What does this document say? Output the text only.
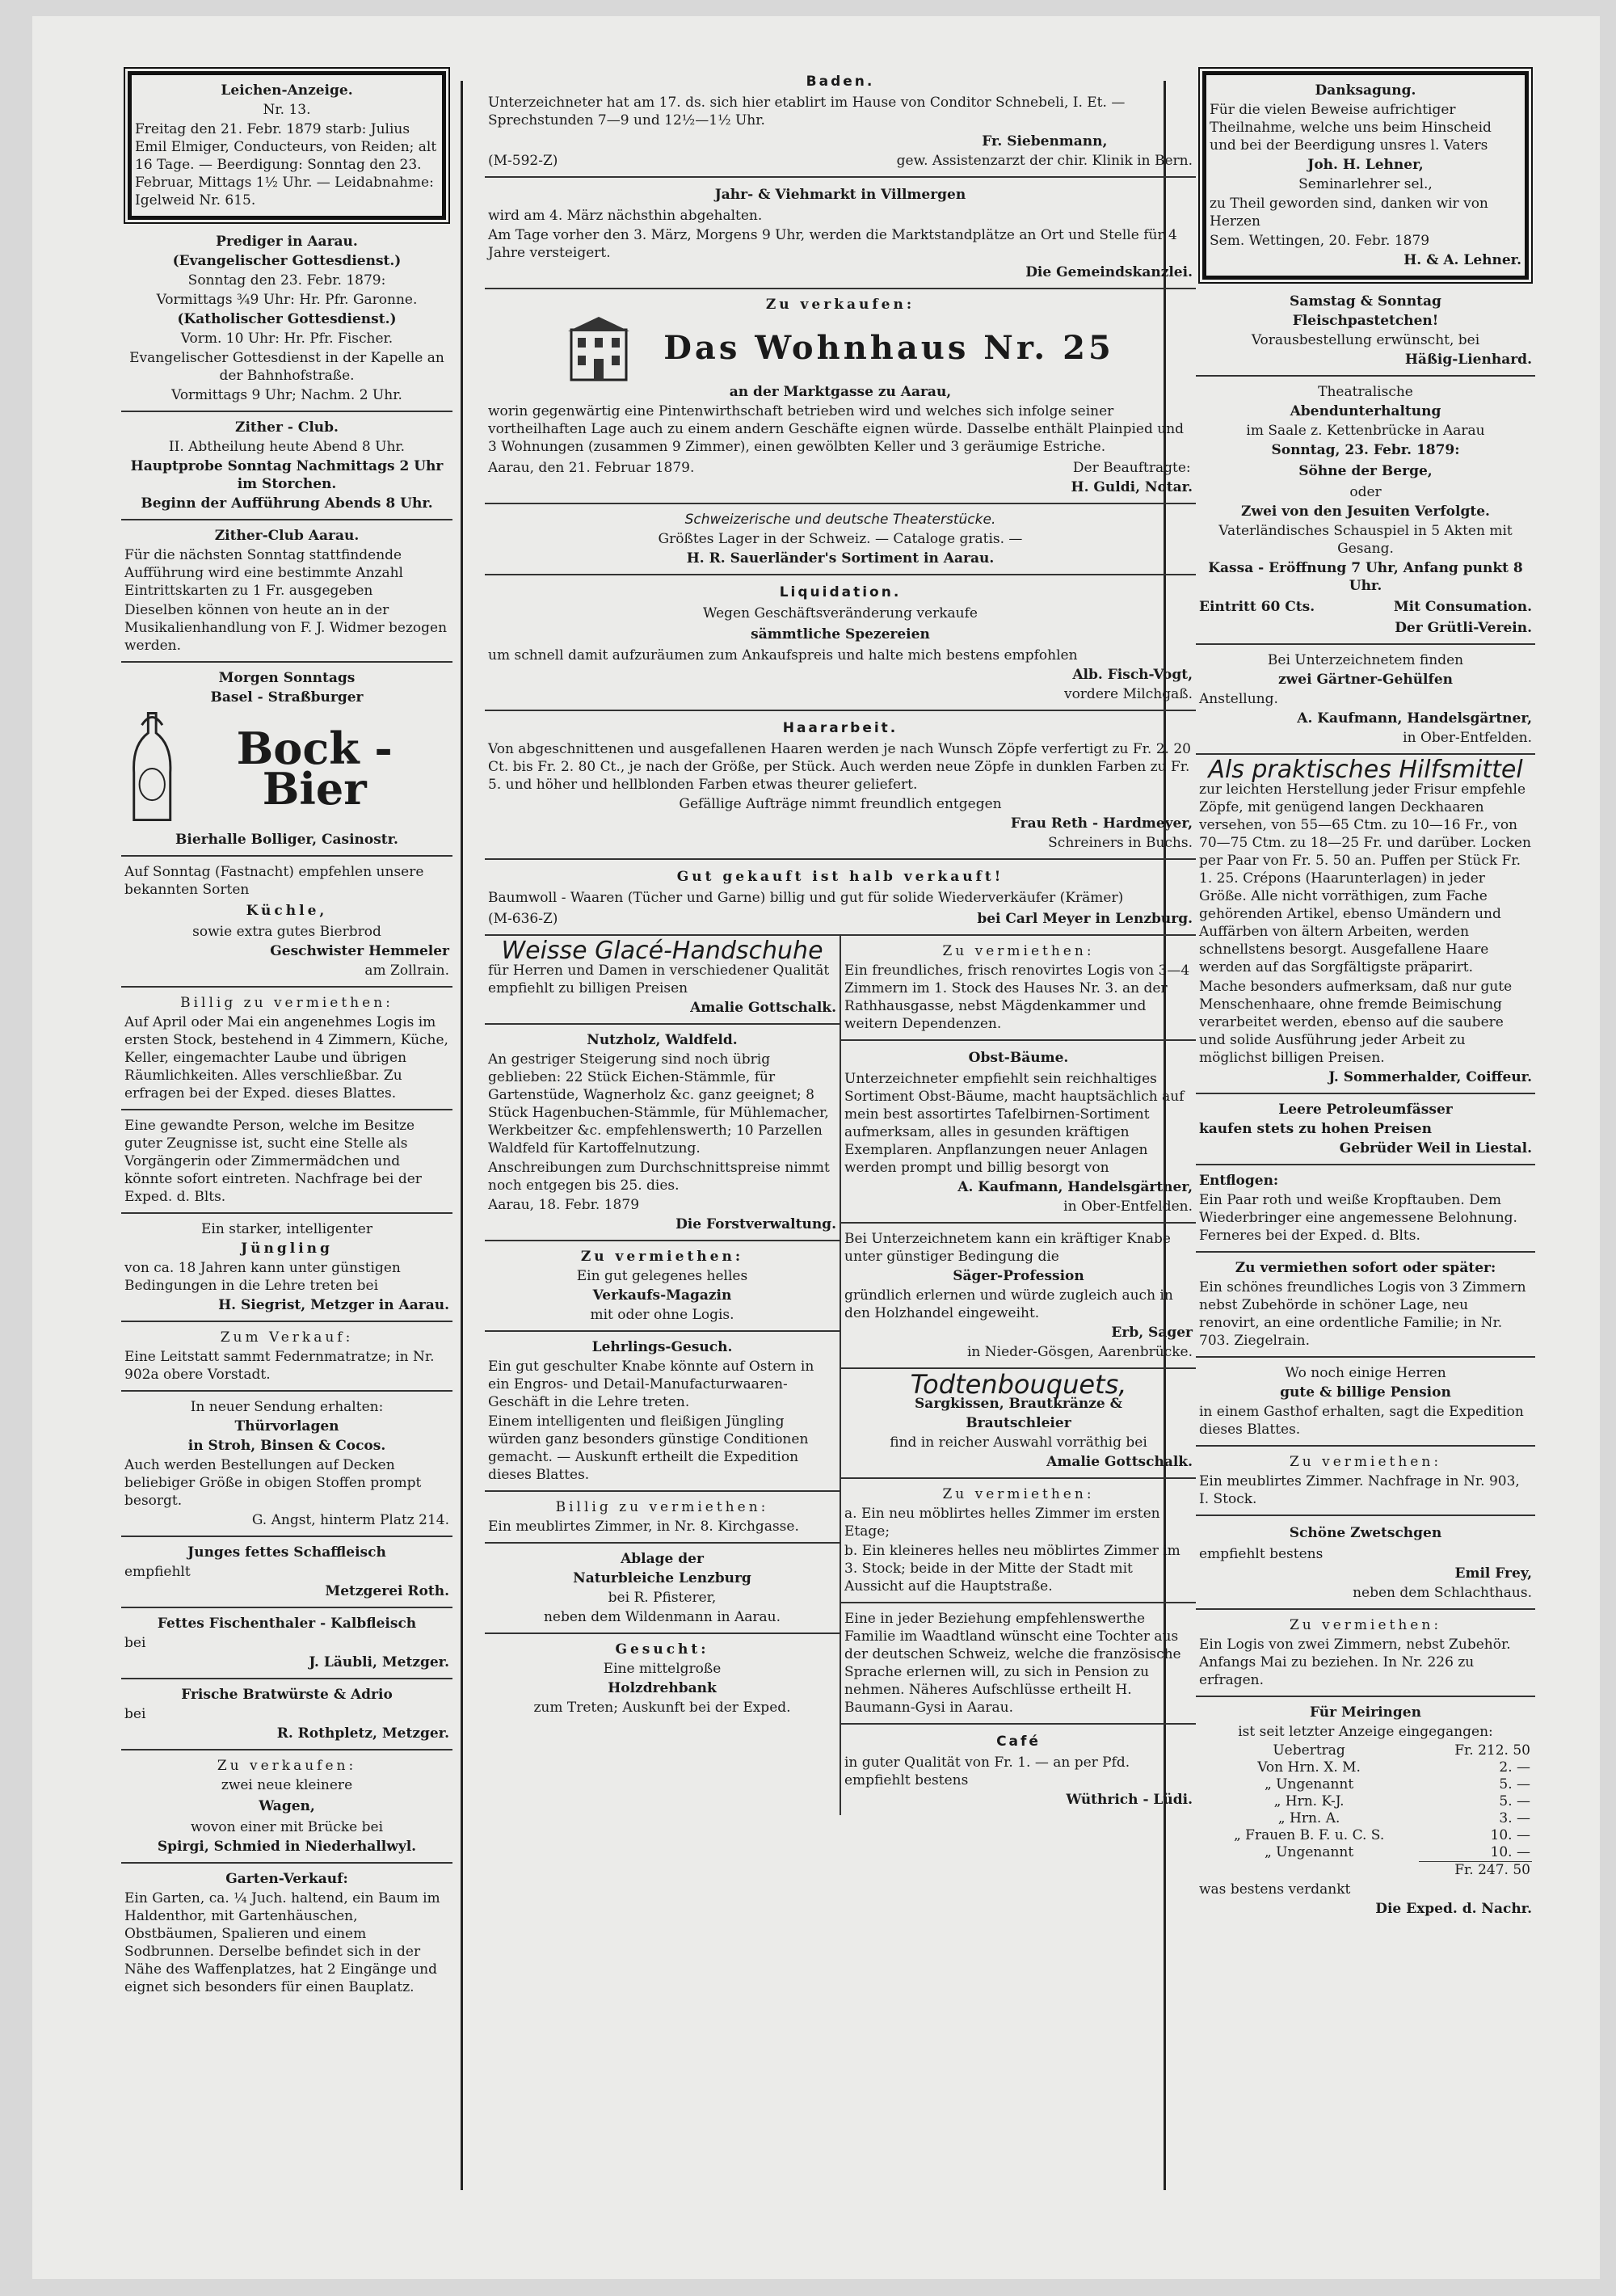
Leichen-Anzeige.

Nr. 13.

Freitag den 21. Febr. 1879 starb: Julius Emil Elmiger, Conducteurs, von Reiden; alt 16 Tage. — Beerdigung: Sonntag den 23. Februar, Mittags 1½ Uhr. — Leidabnahme: Igelweid Nr. 615.

Prediger in Aarau.

(Evangelischer Gottesdienst.)

Sonntag den 23. Febr. 1879:

Vormittags ¾9 Uhr: Hr. Pfr. Garonne.

(Katholischer Gottesdienst.)

Vorm. 10 Uhr: Hr. Pfr. Fischer.

Evangelischer Gottesdienst in der Kapelle an der Bahnhofstraße.

Vormittags 9 Uhr; Nachm. 2 Uhr.

Zither - Club.

II. Abtheilung heute Abend 8 Uhr.

Hauptprobe Sonntag Nachmittags 2 Uhr im Storchen.

Beginn der Aufführung Abends 8 Uhr.

Zither-Club Aarau.

Für die nächsten Sonntag stattfindende Aufführung wird eine bestimmte Anzahl Eintrittskarten zu 1 Fr. ausgegeben

Dieselben können von heute an in der Musikalienhandlung von F. J. Widmer bezogen werden.

Morgen Sonntags

Basel - Straßburger

Bock - Bier

Bierhalle Bolliger, Casinostr.

Auf Sonntag (Fastnacht) empfehlen unsere bekannten Sorten

Küchle,

sowie extra gutes Bierbrod

Geschwister Hemmeler

am Zollrain.

Billig zu vermiethen:

Auf April oder Mai ein angenehmes Logis im ersten Stock, bestehend in 4 Zimmern, Küche, Keller, eingemachter Laube und übrigen Räumlichkeiten. Alles verschließbar. Zu erfragen bei der Exped. dieses Blattes.

Eine gewandte Person, welche im Besitze guter Zeugnisse ist, sucht eine Stelle als Vorgängerin oder Zimmermädchen und könnte sofort eintreten. Nachfrage bei der Exped. d. Blts.

Ein starker, intelligenter

Jüngling

von ca. 18 Jahren kann unter günstigen Bedingungen in die Lehre treten bei

H. Siegrist, Metzger in Aarau.

Zum Verkauf:

Eine Leitstatt sammt Federnmatratze; in Nr. 902a obere Vorstadt.

In neuer Sendung erhalten:

Thürvorlagen

in Stroh, Binsen & Cocos.

Auch werden Bestellungen auf Decken beliebiger Größe in obigen Stoffen prompt besorgt.

G. Angst, hinterm Platz 214.

Junges fettes Schaffleisch

empfiehlt

Metzgerei Roth.

Fettes Fischenthaler - Kalbfleisch

bei

J. Läubli, Metzger.

Frische Bratwürste & Adrio

bei

R. Rothpletz, Metzger.

Zu verkaufen:

zwei neue kleinere

Wagen,

wovon einer mit Brücke bei

Spirgi, Schmied in Niederhallwyl.

Garten-Verkauf:

Ein Garten, ca. ¼ Juch. haltend, ein Baum im Haldenthor, mit Gartenhäuschen, Obstbäumen, Spalieren und einem Sodbrunnen. Derselbe befindet sich in der Nähe des Waffenplatzes, hat 2 Eingänge und eignet sich besonders für einen Bauplatz.

Baden.

Unterzeichneter hat am 17. ds. sich hier etablirt im Hause von Conditor Schnebeli, I. Et. — Sprechstunden 7—9 und 12½—1½ Uhr.

(M-592-Z)

Fr. Siebenmann,

gew. Assistenzarzt der chir. Klinik in Bern.

Jahr- & Viehmarkt in Villmergen

wird am 4. März nächsthin abgehalten.

Am Tage vorher den 3. März, Morgens 9 Uhr, werden die Marktstandplätze an Ort und Stelle für 4 Jahre versteigert.

Die Gemeindskanzlei.

Zu verkaufen:

Das Wohnhaus Nr. 25

an der Marktgasse zu Aarau,

worin gegenwärtig eine Pintenwirthschaft betrieben wird und welches sich infolge seiner vortheilhaften Lage auch zu einem andern Geschäfte eignen würde. Dasselbe enthält Plainpied und 3 Wohnungen (zusammen 9 Zimmer), einen gewölbten Keller und 3 geräumige Estriche.

Aarau, den 21. Februar 1879.	Der Beauftragte:

H. Guldi, Notar.

Schweizerische und deutsche Theaterstücke.

Größtes Lager in der Schweiz. — Cataloge gratis. —

H. R. Sauerländer's Sortiment in Aarau.

Liquidation.

Wegen Geschäftsveränderung verkaufe

sämmtliche Spezereien

um schnell damit aufzuräumen zum Ankaufspreis und halte mich bestens empfohlen

Alb. Fisch-Vogt,

vordere Milchgaß.

Haararbeit.

Von abgeschnittenen und ausgefallenen Haaren werden je nach Wunsch Zöpfe verfertigt zu Fr. 2. 20 Ct. bis Fr. 2. 80 Ct., je nach der Größe, per Stück. Auch werden neue Zöpfe in dunklen Farben zu Fr. 5. und höher und hellblonden Farben etwas theurer geliefert.

Gefällige Aufträge nimmt freundlich entgegen

Frau Reth - Hardmeyer,

Schreiners in Buchs.

Gut gekauft ist halb verkauft!

Baumwoll - Waaren (Tücher und Garne) billig und gut für solide Wiederverkäufer (Krämer)

(M-636-Z)	bei Carl Meyer in Lenzburg.

Weisse Glacé-Handschuhe

für Herren und Damen in verschiedener Qualität empfiehlt zu billigen Preisen

Amalie Gottschalk.

Nutzholz, Waldfeld.

An gestriger Steigerung sind noch übrig geblieben: 22 Stück Eichen-Stämmle, für Gartenstüde, Wagnerholz &c. ganz geeignet; 8 Stück Hagenbuchen-Stämmle, für Mühlemacher, Werkbeitzer &c. empfehlenswerth; 10 Parzellen Waldfeld für Kartoffelnutzung.

Anschreibungen zum Durchschnittspreise nimmt noch entgegen bis 25. dies.

Aarau, 18. Febr. 1879

Die Forstverwaltung.

Zu vermiethen:

Ein gut gelegenes helles

Verkaufs-Magazin

mit oder ohne Logis.

Lehrlings-Gesuch.

Ein gut geschulter Knabe könnte auf Ostern in ein Engros- und Detail-Manufacturwaaren-Geschäft in die Lehre treten.

Einem intelligenten und fleißigen Jüngling würden ganz besonders günstige Conditionen gemacht. — Auskunft ertheilt die Expedition dieses Blattes.

Billig zu vermiethen:

Ein meublirtes Zimmer, in Nr. 8. Kirchgasse.

Ablage der

Naturbleiche Lenzburg

bei R. Pfisterer,

neben dem Wildenmann in Aarau.

Gesucht:

Eine mittelgroße

Holzdrehbank

zum Treten; Auskunft bei der Exped.

Zu vermiethen:

Ein freundliches, frisch renovirtes Logis von 3—4 Zimmern im 1. Stock des Hauses Nr. 3. an der Rathhausgasse, nebst Mägdenkammer und weitern Dependenzen.

Obst-Bäume.

Unterzeichneter empfiehlt sein reichhaltiges Sortiment Obst-Bäume, macht hauptsächlich auf mein best assortirtes Tafelbirnen-Sortiment aufmerksam, alles in gesunden kräftigen Exemplaren. Anpflanzungen neuer Anlagen werden prompt und billig besorgt von

A. Kaufmann, Handelsgärtner,

in Ober-Entfelden.

Bei Unterzeichnetem kann ein kräftiger Knabe unter günstiger Bedingung die

Säger-Profession

gründlich erlernen und würde zugleich auch in den Holzhandel eingeweiht.

Erb, Sager

in Nieder-Gösgen, Aarenbrücke.

Todtenbouquets,

Sargkissen, Brautkränze &

Brautschleier

find in reicher Auswahl vorräthig bei

Amalie Gottschalk.

Zu vermiethen:

a. Ein neu möblirtes helles Zimmer im ersten Etage;

b. Ein kleineres helles neu möblirtes Zimmer im 3. Stock; beide in der Mitte der Stadt mit Aussicht auf die Hauptstraße.

Eine in jeder Beziehung empfehlenswerthe Familie im Waadtland wünscht eine Tochter aus der deutschen Schweiz, welche die französische Sprache erlernen will, zu sich in Pension zu nehmen. Näheres Aufschlüsse ertheilt H. Baumann-Gysi in Aarau.

Café

in guter Qualität von Fr. 1. — an per Pfd. empfiehlt bestens

Wüthrich - Lüdi.

Danksagung.

Für die vielen Beweise aufrichtiger Theilnahme, welche uns beim Hinscheid und bei der Beerdigung unsres l. Vaters

Joh. H. Lehner,

Seminarlehrer sel.,

zu Theil geworden sind, danken wir von Herzen

Sem. Wettingen, 20. Febr. 1879

H. & A. Lehner.

Samstag & Sonntag

Fleischpastetchen!

Vorausbestellung erwünscht, bei

Häßig-Lienhard.

Theatralische

Abendunterhaltung

im Saale z. Kettenbrücke in Aarau

Sonntag, 23. Febr. 1879:

Söhne der Berge,

oder

Zwei von den Jesuiten Verfolgte.

Vaterländisches Schauspiel in 5 Akten mit Gesang.

Kassa - Eröffnung 7 Uhr, Anfang punkt 8 Uhr.

Eintritt 60 Cts.	Mit Consumation.

Der Grütli-Verein.

Bei Unterzeichnetem finden

zwei Gärtner-Gehülfen

Anstellung.

A. Kaufmann, Handelsgärtner,

in Ober-Entfelden.

Als praktisches Hilfsmittel

zur leichten Herstellung jeder Frisur empfehle Zöpfe, mit genügend langen Deckhaaren versehen, von 55—65 Ctm. zu 10—16 Fr., von 70—75 Ctm. zu 18—25 Fr. und darüber. Locken per Paar von Fr. 5. 50 an. Puffen per Stück Fr. 1. 25. Crépons (Haarunterlagen) in jeder Größe. Alle nicht vorräthigen, zum Fache gehörenden Artikel, ebenso Umändern und Auffärben von ältern Arbeiten, werden schnellstens besorgt. Ausgefallene Haare werden auf das Sorgfältigste präparirt.

Mache besonders aufmerksam, daß nur gute Menschenhaare, ohne fremde Beimischung verarbeitet werden, ebenso auf die saubere und solide Ausführung jeder Arbeit zu möglichst billigen Preisen.

J. Sommerhalder, Coiffeur.

Leere Petroleumfässer

kaufen stets zu hohen Preisen

Gebrüder Weil in Liestal.

Entflogen:

Ein Paar roth und weiße Kropftauben. Dem Wiederbringer eine angemessene Belohnung. Ferneres bei der Exped. d. Blts.

Zu vermiethen sofort oder später:

Ein schönes freundliches Logis von 3 Zimmern nebst Zubehörde in schöner Lage, neu renovirt, an eine ordentliche Familie; in Nr. 703. Ziegelrain.

Wo noch einige Herren

gute & billige Pension

in einem Gasthof erhalten, sagt die Expedition dieses Blattes.

Zu vermiethen:

Ein meublirtes Zimmer. Nachfrage in Nr. 903, I. Stock.

Schöne Zwetschgen

empfiehlt bestens

Emil Frey,

neben dem Schlachthaus.

Zu vermiethen:

Ein Logis von zwei Zimmern, nebst Zubehör. Anfangs Mai zu beziehen. In Nr. 226 zu erfragen.

Für Meiringen

ist seit letzter Anzeige eingegangen:

Uebertrag	Fr. 212. 50
Von Hrn. X. M.	2. —
„ Ungenannt	5. —
„ Hrn. K-J.	5. —
„ Hrn. A.	3. —
„ Frauen B. F. u. C. S.	10. —
„ Ungenannt	10. —
	Fr. 247. 50

was bestens verdankt

Die Exped. d. Nachr.
